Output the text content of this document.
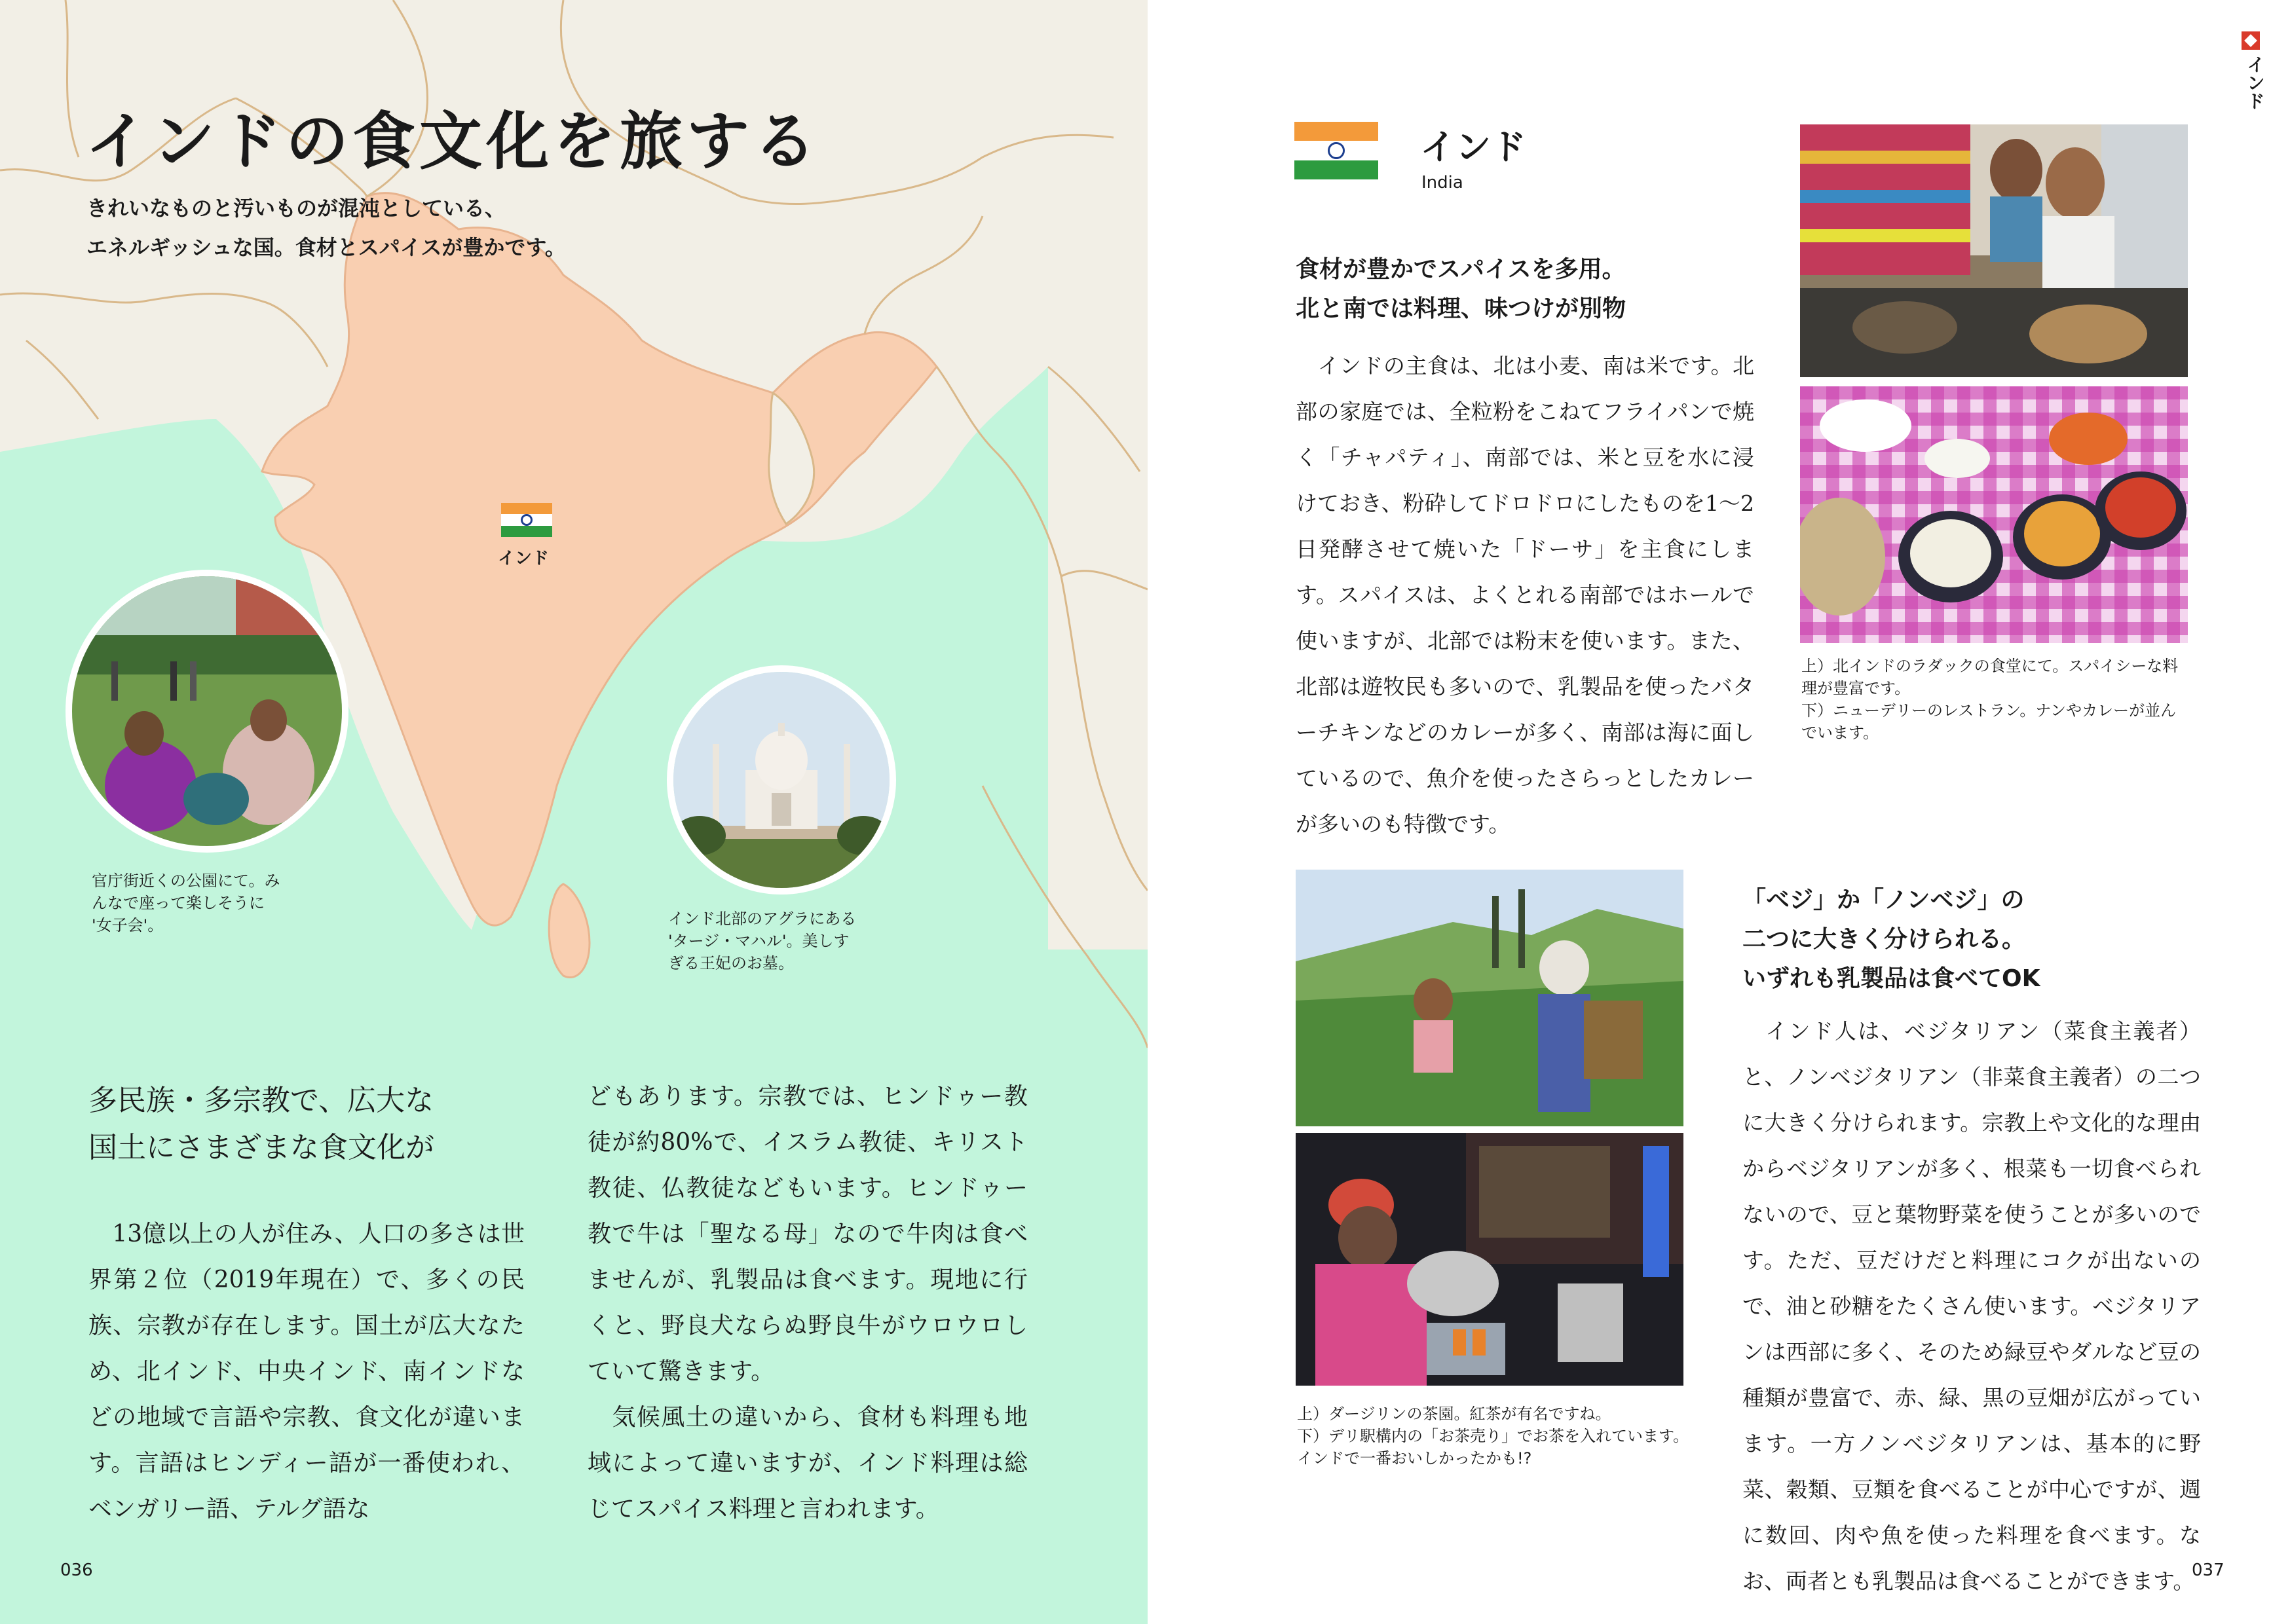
インドの食文化を旅する
きれいなものと汚いものが混沌としている、
エネルギッシュな国。食材とスパイスが豊かです。
インド
官庁街近くの公園にて。み
んなで座って楽しそうに
'女子会'。	インド北部のアグラにある
'タージ・マハル'。美しす
ぎる王妃のお墓。
多民族・多宗教で、広大な
国土にさまざまな食文化が
　13億以上の人が住み、人口の多さは世界第２位（2019年現在）で、多くの民族、宗教が存在します。国土が広大なため、北インド、中央インド、南インドなどの地域で言語や宗教、食文化が違います。言語はヒンディー語が一番使われ、ベンガリー語、テルグ語な
どもあります。宗教では、ヒンドゥー教徒が約80%で、イスラム教徒、キリスト教徒、仏教徒などもいます。ヒンドゥー教で牛は「聖なる母」なので牛肉は食べませんが、乳製品は食べます。現地に行くと、野良犬ならぬ野良牛がウロウロしていて驚きます。
　気候風土の違いから、食材も料理も地域によって違いますが、インド料理は総じてスパイス料理と言われます。
036
インド
インド
India
食材が豊かでスパイスを多用。
北と南では料理、味つけが別物
　インドの主食は、北は小麦、南は米です。北部の家庭では、全粒粉をこねてフライパンで焼く「チャパティ」、南部では、米と豆を水に浸けておき、粉砕してドロドロにしたものを1～2日発酵させて焼いた「ドーサ」を主食にします。スパイスは、よくとれる南部ではホールで使いますが、北部では粉末を使います。また、北部は遊牧民も多いので、乳製品を使ったバターチキンなどのカレーが多く、南部は海に面しているので、魚介を使ったさらっとしたカレーが多いのも特徴です。
上）北インドのラダックの食堂にて。スパイシーな料理が豊富です。
下）ニューデリーのレストラン。ナンやカレーが並んでいます。
上）ダージリンの茶園。紅茶が有名ですね。
下）デリ駅構内の「お茶売り」でお茶を入れています。インドで一番おいしかったかも!?
「ベジ」か「ノンベジ」の
二つに大きく分けられる。
いずれも乳製品は食べてOK
　インド人は、ベジタリアン（菜食主義者）と、ノンベジタリアン（非菜食主義者）の二つに大きく分けられます。宗教上や文化的な理由からベジタリアンが多く、根菜も一切食べられないので、豆と葉物野菜を使うことが多いのです。ただ、豆だけだと料理にコクが出ないので、油と砂糖をたくさん使います。ベジタリアンは西部に多く、そのため緑豆やダルなど豆の種類が豊富で、赤、緑、黒の豆畑が広がっています。一方ノンベジタリアンは、基本的に野菜、穀類、豆類を食べることが中心ですが、週に数回、肉や魚を使った料理を食べます。なお、両者とも乳製品は食べることができます。
037
